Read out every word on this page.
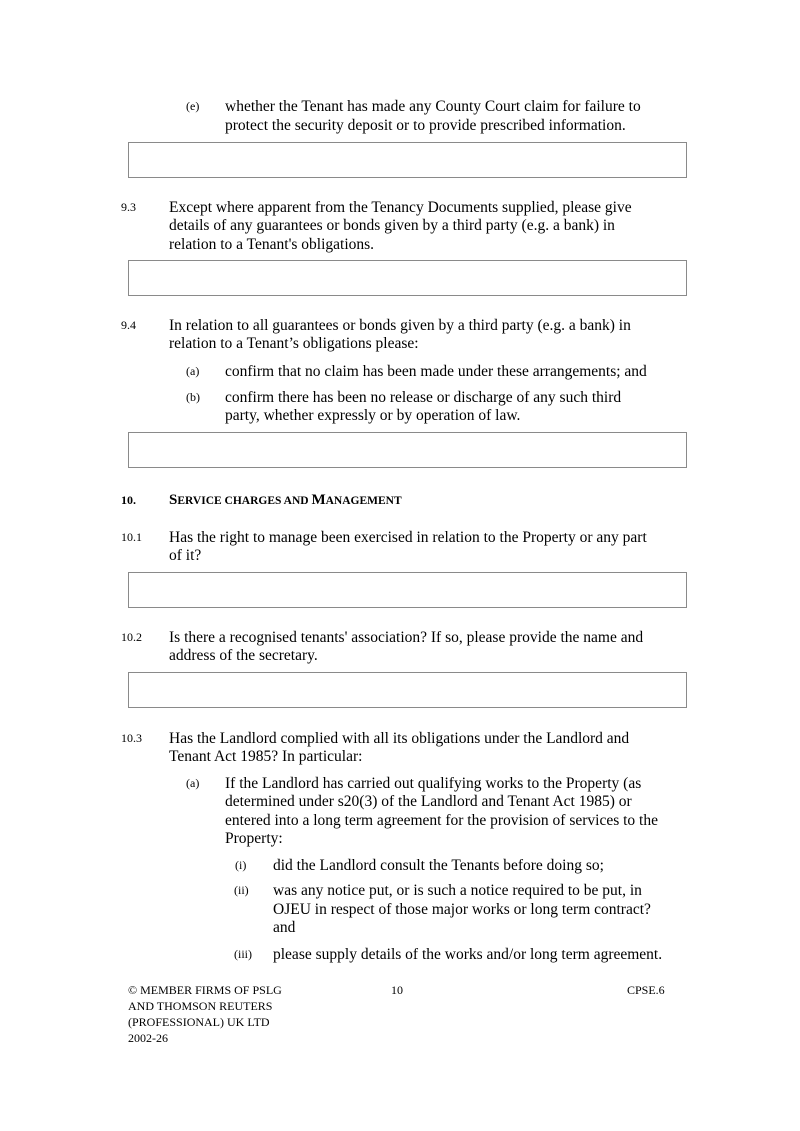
(e) whether the Tenant has made any County Court claim for failure to
protect the security deposit or to provide prescribed information.
9.3 Except where apparent from the Tenancy Documents supplied, please give
details of any guarantees or bonds given by a third party (e.g. a bank) in
relation to a Tenant's obligations.
9.4 In relation to all guarantees or bonds given by a third party (e.g. a bank) in
relation to a Tenant’s obligations please:
(a) confirm that no claim has been made under these arrangements; and
(b) confirm there has been no release or discharge of any such third
party, whether expressly or by operation of law.
10. SERVICE CHARGES AND MANAGEMENT
10.1 Has the right to manage been exercised in relation to the Property or any part
of it?
10.2 Is there a recognised tenants' association? If so, please provide the name and
address of the secretary.
10.3 Has the Landlord complied with all its obligations under the Landlord and
Tenant Act 1985? In particular:
(a) If the Landlord has carried out qualifying works to the Property (as
determined under s20(3) of the Landlord and Tenant Act 1985) or
entered into a long term agreement for the provision of services to the
Property:
(i) did the Landlord consult the Tenants before doing so;
(ii) was any notice put, or is such a notice required to be put, in
OJEU in respect of those major works or long term contract?
and
(iii) please supply details of the works and/or long term agreement.
© MEMBER FIRMS OF PSLG
AND THOMSON REUTERS
(PROFESSIONAL) UK LTD
2002-26
10	CPSE.6
